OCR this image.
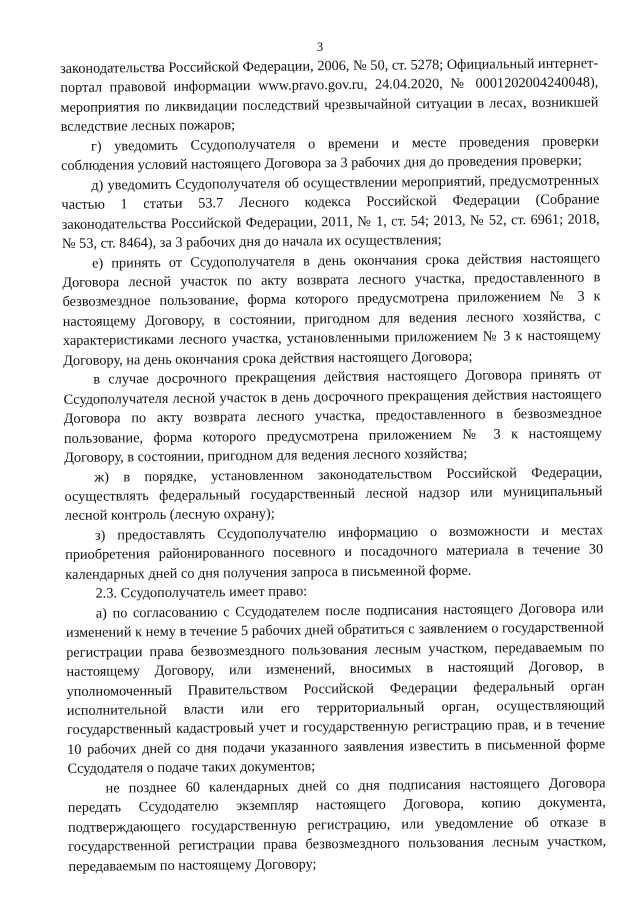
3

законодательства Российской Федерации, 2006, № 50, ст. 5278; Официальный интернет-портал правовой информации www.pravo.gov.ru, 24.04.2020, № 0001202004240048), мероприятия по ликвидации последствий чрезвычайной ситуации в лесах, возникшей вследствие лесных пожаров;

г) уведомить Ссудополучателя о времени и месте проведения проверки соблюдения условий настоящего Договора за 3 рабочих дня до проведения проверки;

д) уведомить Ссудополучателя об осуществлении мероприятий, предусмотренных частью 1 статьи 53.7 Лесного кодекса Российской Федерации (Собрание законодательства Российской Федерации, 2011, № 1, ст. 54; 2013, № 52, ст. 6961; 2018, № 53, ст. 8464), за 3 рабочих дня до начала их осуществления;

е) принять от Ссудополучателя в день окончания срока действия настоящего Договора лесной участок по акту возврата лесного участка, предоставленного в безвозмездное пользование, форма которого предусмотрена приложением № 3 к настоящему Договору, в состоянии, пригодном для ведения лесного хозяйства, с характеристиками лесного участка, установленными приложением № 3 к настоящему Договору, на день окончания срока действия настоящего Договора;

в случае досрочного прекращения действия настоящего Договора принять от Ссудополучателя лесной участок в день досрочного прекращения действия настоящего Договора по акту возврата лесного участка, предоставленного в безвозмездное пользование, форма которого предусмотрена приложением № 3 к настоящему Договору, в состоянии, пригодном для ведения лесного хозяйства;

ж) в порядке, установленном законодательством Российской Федерации, осуществлять федеральный государственный лесной надзор или муниципальный лесной контроль (лесную охрану);

з) предоставлять Ссудополучателю информацию о возможности и местах приобретения районированного посевного и посадочного материала в течение 30 календарных дней со дня получения запроса в письменной форме.

2.3. Ссудополучатель имеет право:

а) по согласованию с Ссудодателем после подписания настоящего Договора или изменений к нему в течение 5 рабочих дней обратиться с заявлением о государственной регистрации права безвозмездного пользования лесным участком, передаваемым по настоящему Договору, или изменений, вносимых в настоящий Договор, в уполномоченный Правительством Российской Федерации федеральный орган исполнительной власти или его территориальный орган, осуществляющий государственный кадастровый учет и государственную регистрацию прав, и в течение 10 рабочих дней со дня подачи указанного заявления известить в письменной форме Ссудодателя о подаче таких документов;

не позднее 60 календарных дней со дня подписания настоящего Договора передать Ссудодателю экземпляр настоящего Договора, копию документа, подтверждающего государственную регистрацию, или уведомление об отказе в государственной регистрации права безвозмездного пользования лесным участком, передаваемым по настоящему Договору;
